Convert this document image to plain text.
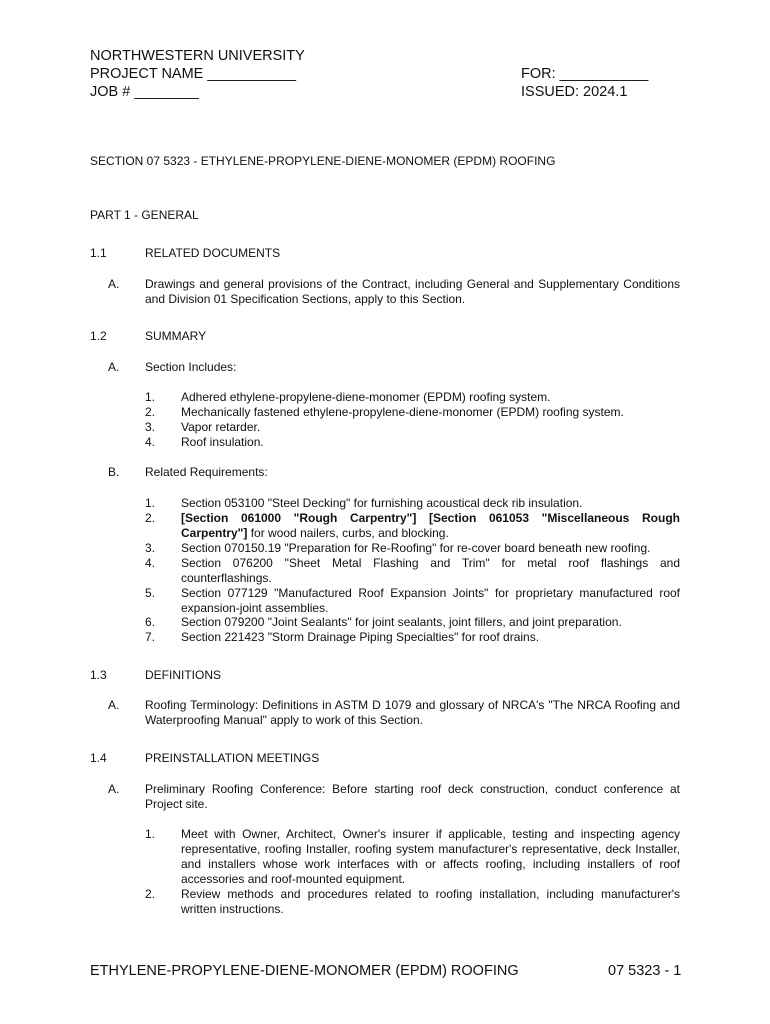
NORTHWESTERN UNIVERSITY
PROJECT NAME ___________
JOB # ________
FOR: ___________
ISSUED: 2024.1
SECTION 07 5323 - ETHYLENE-PROPYLENE-DIENE-MONOMER (EPDM) ROOFING
PART 1 - GENERAL
1.1	RELATED DOCUMENTS
A. Drawings and general provisions of the Contract, including General and Supplementary Conditions and Division 01 Specification Sections, apply to this Section.
1.2	SUMMARY
A. Section Includes:
1. Adhered ethylene-propylene-diene-monomer (EPDM) roofing system.
2. Mechanically fastened ethylene-propylene-diene-monomer (EPDM) roofing system.
3. Vapor retarder.
4. Roof insulation.
B. Related Requirements:
1. Section 053100 "Steel Decking" for furnishing acoustical deck rib insulation.
2. [Section 061000 "Rough Carpentry"] [Section 061053 "Miscellaneous Rough Carpentry"] for wood nailers, curbs, and blocking.
3. Section 070150.19 "Preparation for Re-Roofing" for re-cover board beneath new roofing.
4. Section 076200 "Sheet Metal Flashing and Trim" for metal roof flashings and counterflashings.
5. Section 077129 "Manufactured Roof Expansion Joints" for proprietary manufactured roof expansion-joint assemblies.
6. Section 079200 "Joint Sealants" for joint sealants, joint fillers, and joint preparation.
7. Section 221423 "Storm Drainage Piping Specialties" for roof drains.
1.3	DEFINITIONS
A. Roofing Terminology: Definitions in ASTM D 1079 and glossary of NRCA's "The NRCA Roofing and Waterproofing Manual" apply to work of this Section.
1.4	PREINSTALLATION MEETINGS
A. Preliminary Roofing Conference: Before starting roof deck construction, conduct conference at Project site.
1. Meet with Owner, Architect, Owner's insurer if applicable, testing and inspecting agency representative, roofing Installer, roofing system manufacturer's representative, deck Installer, and installers whose work interfaces with or affects roofing, including installers of roof accessories and roof-mounted equipment.
2. Review methods and procedures related to roofing installation, including manufacturer's written instructions.
ETHYLENE-PROPYLENE-DIENE-MONOMER (EPDM) ROOFING	07 5323 - 1
